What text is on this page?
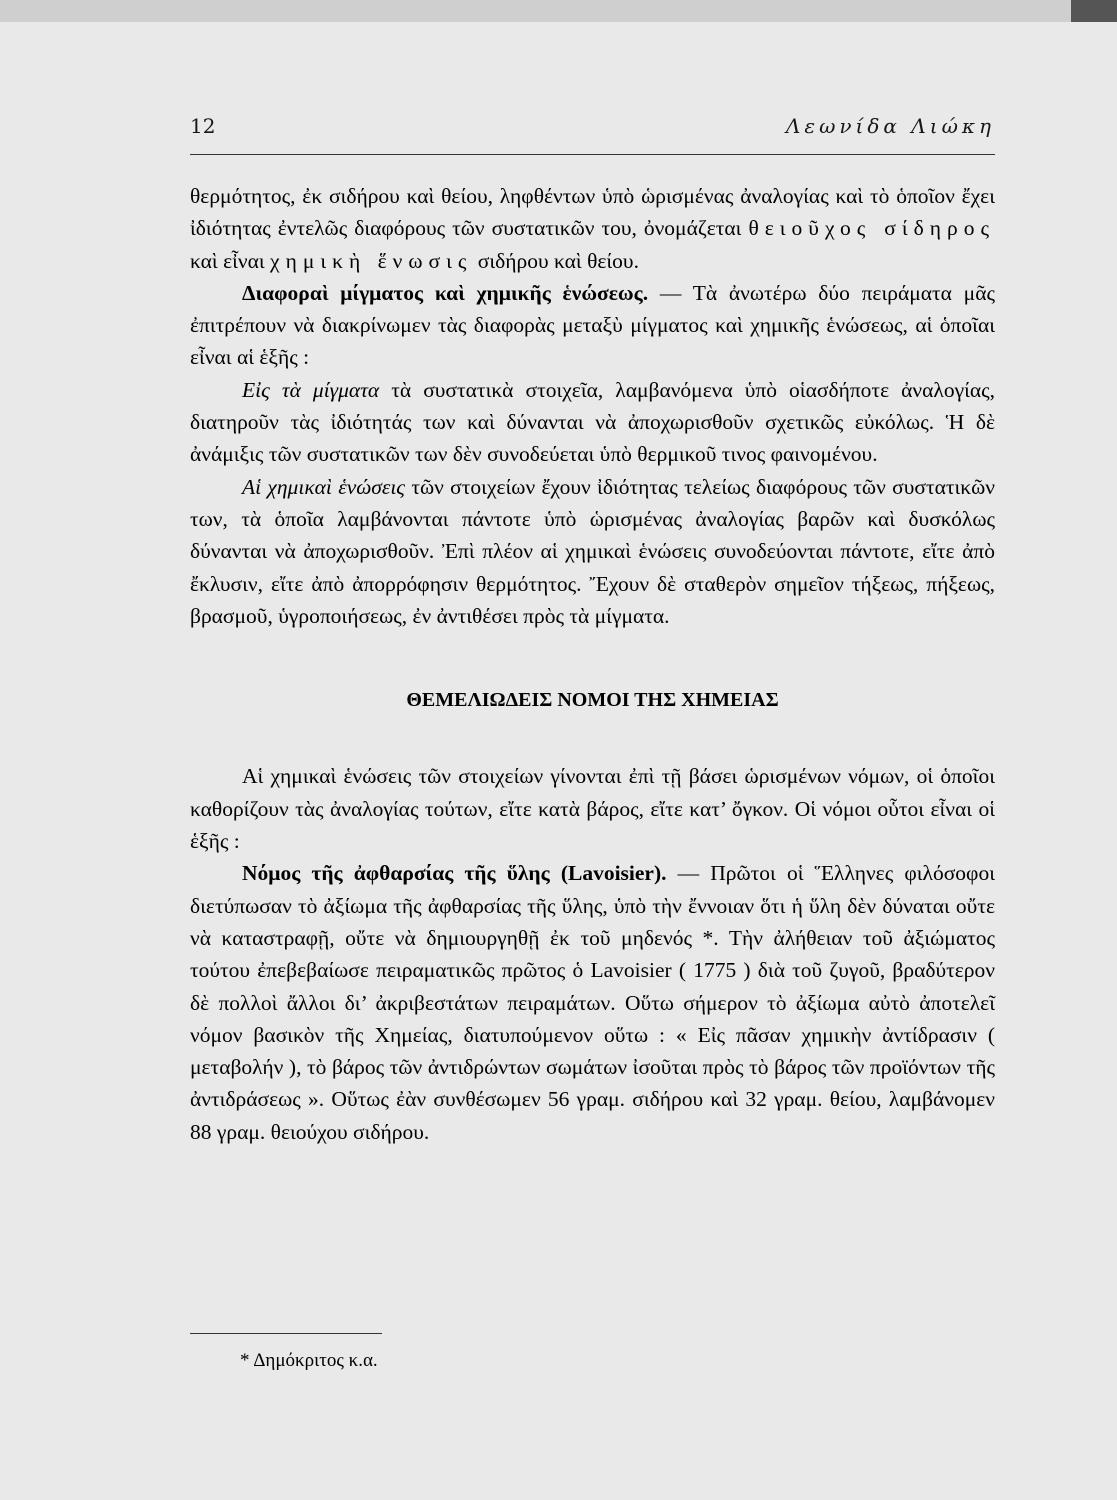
12	Λεωνίδα Λιώκη

θερμότητος, ἐκ σιδήρου καὶ θείου, ληφθέντων ὑπὸ ὡρισμένας ἀναλογίας καὶ τὸ ὁποῖον ἔχει ἰδιότητας ἐντελῶς διαφόρους τῶν συστατικῶν του, ὀνομάζεται θειοῦχος σίδηρος καὶ εἶναι χημικὴ ἕνωσις σιδήρου καὶ θείου.

Διαφοραὶ μίγματος καὶ χημικῆς ἑνώσεως. — Τὰ ἀνωτέρω δύο πειράματα μᾶς ἐπιτρέπουν νὰ διακρίνωμεν τὰς διαφορὰς μεταξὺ μίγματος καὶ χημικῆς ἑνώσεως, αἱ ὁποῖαι εἶναι αἱ ἑξῆς :

Εἰς τὰ μίγματα τὰ συστατικὰ στοιχεῖα, λαμβανόμενα ὑπὸ οἱασδήποτε ἀναλογίας, διατηροῦν τὰς ἰδιότητάς των καὶ δύνανται νὰ ἀποχωρισθοῦν σχετικῶς εὐκόλως. Ἡ δὲ ἀνάμιξις τῶν συστατικῶν των δὲν συνοδεύεται ὑπὸ θερμικοῦ τινος φαινομένου.

Αἱ χημικαὶ ἑνώσεις τῶν στοιχείων ἔχουν ἰδιότητας τελείως διαφόρους τῶν συστατικῶν των, τὰ ὁποῖα λαμβάνονται πάντοτε ὑπὸ ὡρισμένας ἀναλογίας βαρῶν καὶ δυσκόλως δύνανται νὰ ἀποχωρισθοῦν. Ἐπὶ πλέον αἱ χημικαὶ ἑνώσεις συνοδεύονται πάντοτε, εἴτε ἀπὸ ἔκλυσιν, εἴτε ἀπὸ ἀπορρόφησιν θερμότητος. Ἔχουν δὲ σταθερὸν σημεῖον τήξεως, πήξεως, βρασμοῦ, ὑγροποιήσεως, ἐν ἀντιθέσει πρὸς τὰ μίγματα.

ΘΕΜΕΛΙΩΔΕΙΣ ΝΟΜΟΙ ΤΗΣ ΧΗΜΕΙΑΣ

Αἱ χημικαὶ ἑνώσεις τῶν στοιχείων γίνονται ἐπὶ τῇ βάσει ὡρισμένων νόμων, οἱ ὁποῖοι καθορίζουν τὰς ἀναλογίας τούτων, εἴτε κατὰ βάρος, εἴτε κατ’ ὄγκον. Οἱ νόμοι οὗτοι εἶναι οἱ ἑξῆς :

Νόμος τῆς ἀφθαρσίας τῆς ὕλης (Lavoisier). — Πρῶτοι οἱ Ἕλληνες φιλόσοφοι διετύπωσαν τὸ ἀξίωμα τῆς ἀφθαρσίας τῆς ὕλης, ὑπὸ τὴν ἔννοιαν ὅτι ἡ ὕλη δὲν δύναται οὔτε νὰ καταστραφῇ, οὔτε νὰ δημιουργηθῇ ἐκ τοῦ μηδενός *. Τὴν ἀλήθειαν τοῦ ἀξιώματος τούτου ἐπεβεβαίωσε πειραματικῶς πρῶτος ὁ Lavoisier ( 1775 ) διὰ τοῦ ζυγοῦ, βραδύτερον δὲ πολλοὶ ἄλλοι δι’ ἀκριβεστάτων πειραμάτων. Οὕτω σήμερον τὸ ἀξίωμα αὐτὸ ἀποτελεῖ νόμον βασικὸν τῆς Χημείας, διατυπούμενον οὕτω : « Εἰς πᾶσαν χημικὴν ἀντίδρασιν ( μεταβολήν ), τὸ βάρος τῶν ἀντιδρώντων σωμάτων ἰσοῦται πρὸς τὸ βάρος τῶν προϊόντων τῆς ἀντιδράσεως ». Οὕτως ἐὰν συνθέσωμεν 56 γραμ. σιδήρου καὶ 32 γραμ. θείου, λαμβάνομεν 88 γραμ. θειούχου σιδήρου.

* Δημόκριτος κ.α.
